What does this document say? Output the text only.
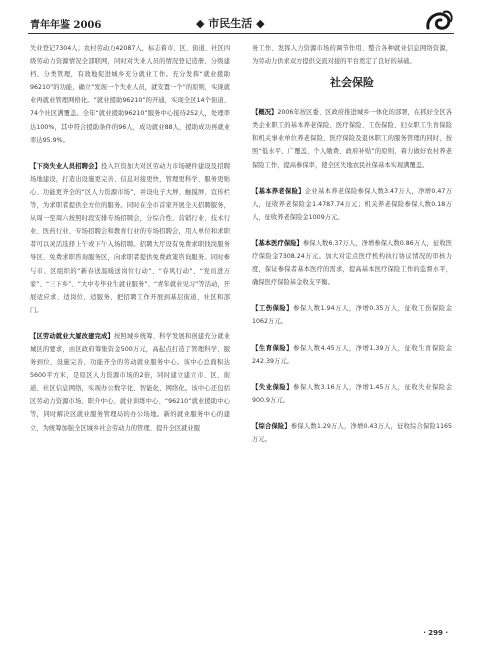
青年年鉴 2006	◆ 市民生活 ◆

失业登记7304人；农村劳动力42087人，标志着市、区、街道、社区四级劳动力资源情况全部联网，同时对失业人员的情况登记造册、分级建档、分类管理，有效地促进城乡充分就业工作。充分发挥“就业援助96210”的功能，确立“发现一个失业人员，就安置一个”的原则，实现就业再就业管理网格化。“就业援助96210”的开通，实现全区14个街道、74个社区满覆盖。全年“就业援助96210”服务中心接待252人，处理率达100%，其中符合援助条件的96人，成功就业88人，援助成功再就业率达95.9%。

【下岗失业人员招聘会】投入巨资加大对区劳动力市场硬件建设及招聘场地建设，打造出设施更完善、信息对接更快、管理更科学、服务更贴心、功能更齐全的“区人力资源市场”，并设电子大屏、触摸屏、宣传栏等，为求职者提供全方位的服务。同时在全市首家开展全天招聘服务，从周一至周六按照时段安排专场招聘会，分综合性、营销行业、技术行业、医药行业、专场招聘会和教育行业的专场招聘会，用人单位和求职者可以灵活选择上午或下午入场招聘。招聘大厅设有免费求职找岗服务导区、免费求职咨询服务区，向求职者提供免费政策咨询服务。同时参与市、区组织的“新春送温暖送岗位行动”、“春风行动”、“党员进万家”、“三下乡”、“大中专毕业生就业服务”、“青年就业见习”等活动，开展适应求、适岗位、适服务，把招聘工作开展到基层街道、社区和部门。

【区劳动就业大厦改建完成】按照城乡统筹、科学发展和创建充分就业城区的要求，由区政府筹集资金500万元，高起点打造了管理科学、服务到位、设施完善、功能齐全的劳动就业服务中心。该中心总面积达5600平方米，是原区人力资源市场的2倍，同时建立建立市、区、街道、社区信息网络，实现办公数字化、智能化、网络化。该中心还包括区劳动力资源市场、职介中心、就业训练中心、“96210”就业援助中心等，同时解决区就业服务管理局的办公场地。新的就业服务中心的建立，为统筹加强全区城乡社会劳动力的管理、提升全区就业服

务工作、发挥人力资源市场的调节作用、整合各种就业信息网络资源，为劳动力供求双方提供交流对接的平台奠定了良好的基础。

社会保险

【概况】2006年按区委、区政府推进城乡一体化的部署，在抓好全区各类企业职工的基本养老保险、医疗保险、工伤保险、妇女职工生育保险和机关事业单位养老保险、医疗保险及退休职工的服务管理的同时，按照“低水平、广覆盖、个人缴费、政府补贴”的原则，着力做好农村养老保险工作，提高参保率，使全区失地农民社保基本实现满覆盖。

【基本养老保险】企业基本养老保险参保人数3.47万人，净增0.47万人，征收养老保险金1.4787.74万元；机关养老保险参保人数0.18万人，征收养老保险金1009万元。

【基本医疗保险】参保人数6.37万人，净增参保人数0.86万人，征收医疗保险金7308.24万元。加大对定点医疗机构执行协议情况的审核力度，保证参保者基本医疗的需求，提高基本医疗保险工作的监督水平，确保医疗保险基金收支平衡。

【工伤保险】参保人数1.94万人，净增0.35万人，征收工伤保险金1062万元。

【生育保险】参保人数4.45万人，净增1.39万人，征收生育保险金242.39万元。

【失业保险】参保人数3.16万人，净增1.45万人，征收失业保险金900.9万元。

【综合保险】参保人数1.29万人，净增0.43万人，征收综合保险1165万元。

· 299 ·
